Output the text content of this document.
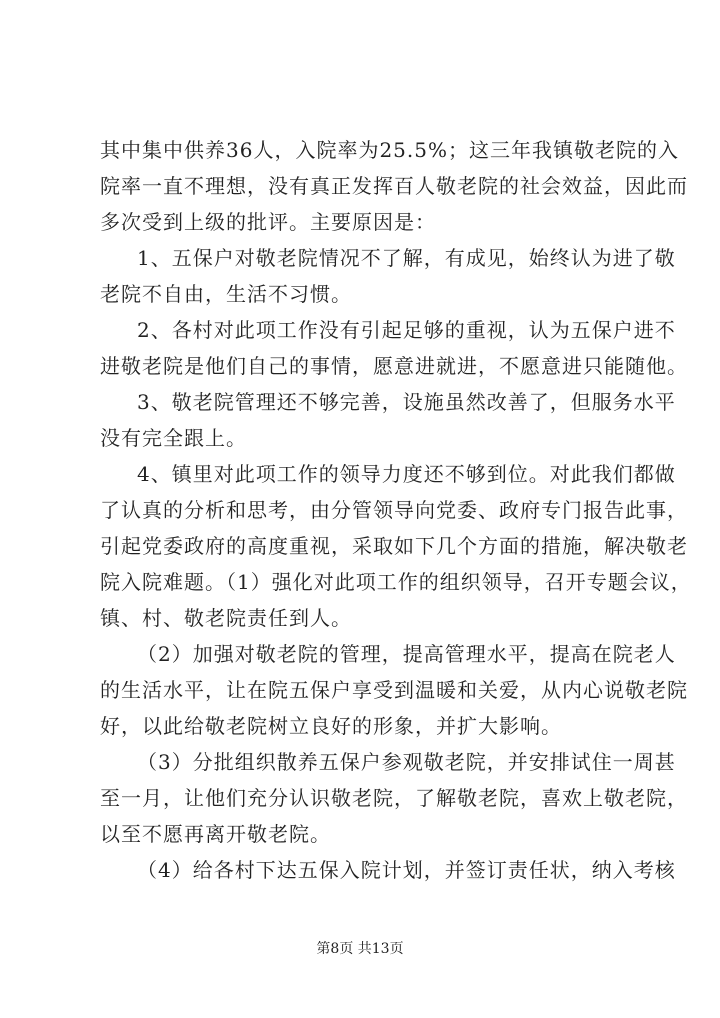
其中集中供养36人，入院率为25.5%；这三年我镇敬老院的入
院率一直不理想，没有真正发挥百人敬老院的社会效益，因此而
多次受到上级的批评。主要原因是：
1、五保户对敬老院情况不了解，有成见，始终认为进了敬
老院不自由，生活不习惯。
2、各村对此项工作没有引起足够的重视，认为五保户进不
进敬老院是他们自己的事情，愿意进就进，不愿意进只能随他。
3、敬老院管理还不够完善，设施虽然改善了，但服务水平
没有完全跟上。
4、镇里对此项工作的领导力度还不够到位。对此我们都做
了认真的分析和思考，由分管领导向党委、政府专门报告此事，
引起党委政府的高度重视，采取如下几个方面的措施，解决敬老
院入院难题。（1）强化对此项工作的组织领导，召开专题会议，
镇、村、敬老院责任到人。
（2）加强对敬老院的管理，提高管理水平，提高在院老人
的生活水平，让在院五保户享受到温暖和关爱，从内心说敬老院
好，以此给敬老院树立良好的形象，并扩大影响。
（3）分批组织散养五保户参观敬老院，并安排试住一周甚
至一月，让他们充分认识敬老院，了解敬老院，喜欢上敬老院，
以至不愿再离开敬老院。
（4）给各村下达五保入院计划，并签订责任状，纳入考核
第8页 共13页
